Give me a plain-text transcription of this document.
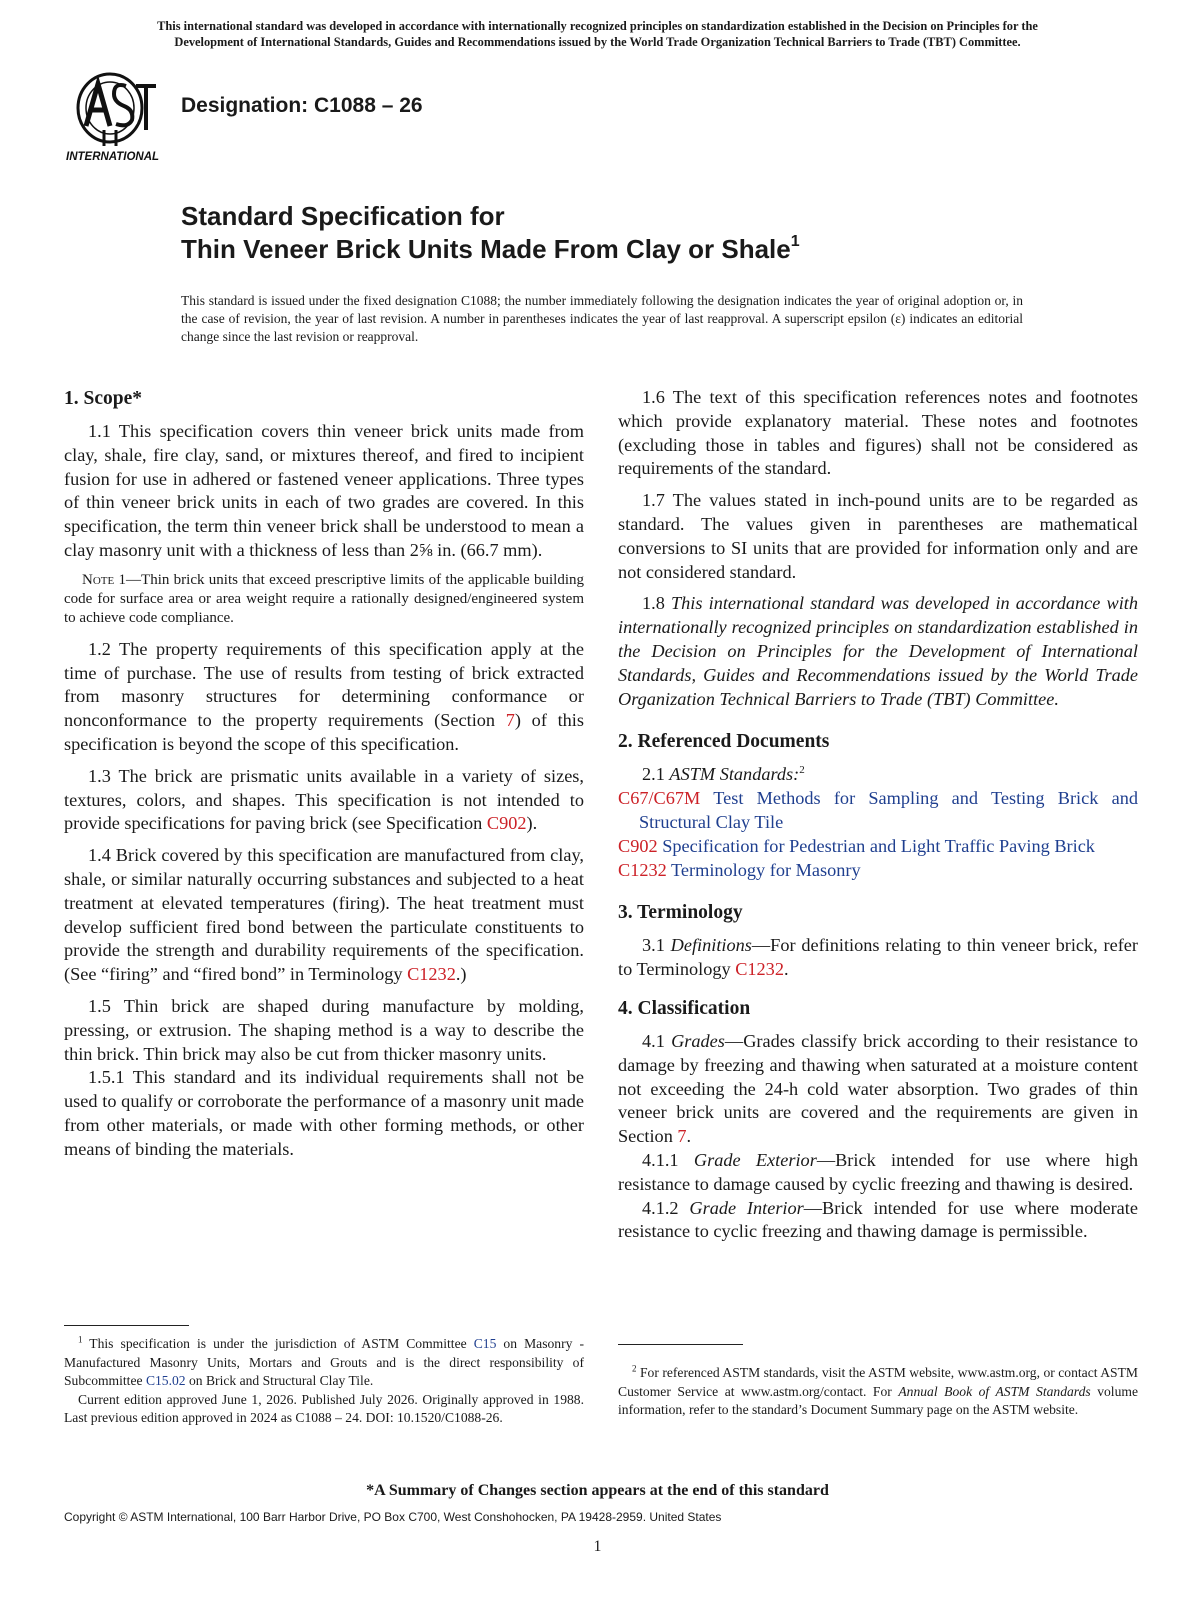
This international standard was developed in accordance with internationally recognized principles on standardization established in the Decision on Principles for the
Development of International Standards, Guides and Recommendations issued by the World Trade Organization Technical Barriers to Trade (TBT) Committee.
INTERNATIONAL
Designation: C1088 – 26
Standard Specification for
Thin Veneer Brick Units Made From Clay or Shale$^1$
This standard is issued under the fixed designation C1088; the number immediately following the designation indicates the year of original adoption or, in the case of revision, the year of last revision. A number in parentheses indicates the year of last reapproval. A superscript epsilon (ε) indicates an editorial change since the last revision or reapproval.
1. Scope*

1.1 This specification covers thin veneer brick units made from clay, shale, fire clay, sand, or mixtures thereof, and fired to incipient fusion for use in adhered or fastened veneer applications. Three types of thin veneer brick units in each of two grades are covered. In this specification, the term thin veneer brick shall be understood to mean a clay masonry unit with a thickness of less than 2⅝ in. (66.7 mm).

Note 1—Thin brick units that exceed prescriptive limits of the applicable building code for surface area or area weight require a rationally designed/engineered system to achieve code compliance.

1.2 The property requirements of this specification apply at the time of purchase. The use of results from testing of brick extracted from masonry structures for determining conformance or nonconformance to the property requirements (Section 7) of this specification is beyond the scope of this specification.

1.3 The brick are prismatic units available in a variety of sizes, textures, colors, and shapes. This specification is not intended to provide specifications for paving brick (see Specification C902).

1.4 Brick covered by this specification are manufactured from clay, shale, or similar naturally occurring substances and subjected to a heat treatment at elevated temperatures (firing). The heat treatment must develop sufficient fired bond between the particulate constituents to provide the strength and durability requirements of the specification. (See “firing” and “fired bond” in Terminology C1232.)

1.5 Thin brick are shaped during manufacture by molding, pressing, or extrusion. The shaping method is a way to describe the thin brick. Thin brick may also be cut from thicker masonry units.

1.5.1 This standard and its individual requirements shall not be used to qualify or corroborate the performance of a masonry unit made from other materials, or made with other forming methods, or other means of binding the materials.

1.6 The text of this specification references notes and footnotes which provide explanatory material. These notes and footnotes (excluding those in tables and figures) shall not be considered as requirements of the standard.

1.7 The values stated in inch-pound units are to be regarded as standard. The values given in parentheses are mathematical conversions to SI units that are provided for information only and are not considered standard.

1.8 This international standard was developed in accordance with internationally recognized principles on standardization established in the Decision on Principles for the Development of International Standards, Guides and Recommendations issued by the World Trade Organization Technical Barriers to Trade (TBT) Committee.

2. Referenced Documents

2.1 ASTM Standards:$^2$

C67/C67M Test Methods for Sampling and Testing Brick and Structural Clay Tile
C902 Specification for Pedestrian and Light Traffic Paving Brick
C1232 Terminology for Masonry
3. Terminology

3.1 Definitions—For definitions relating to thin veneer brick, refer to Terminology C1232.

4. Classification

4.1 Grades—Grades classify brick according to their resistance to damage by freezing and thawing when saturated at a moisture content not exceeding the 24-h cold water absorption. Two grades of thin veneer brick units are covered and the requirements are given in Section 7.

4.1.1 Grade Exterior—Brick intended for use where high resistance to damage caused by cyclic freezing and thawing is desired.

4.1.2 Grade Interior—Brick intended for use where moderate resistance to cyclic freezing and thawing damage is permissible.

$^1$ This specification is under the jurisdiction of ASTM Committee C15 on Masonry - Manufactured Masonry Units, Mortars and Grouts and is the direct responsibility of Subcommittee C15.02 on Brick and Structural Clay Tile.

Current edition approved June 1, 2026. Published July 2026. Originally approved in 1988. Last previous edition approved in 2024 as C1088 – 24. DOI: 10.1520/C1088-26.

$^2$ For referenced ASTM standards, visit the ASTM website, www.astm.org, or contact ASTM Customer Service at www.astm.org/contact. For Annual Book of ASTM Standards volume information, refer to the standard’s Document Summary page on the ASTM website.

*A Summary of Changes section appears at the end of this standard
Copyright © ASTM International, 100 Barr Harbor Drive, PO Box C700, West Conshohocken, PA 19428-2959. United States
1
